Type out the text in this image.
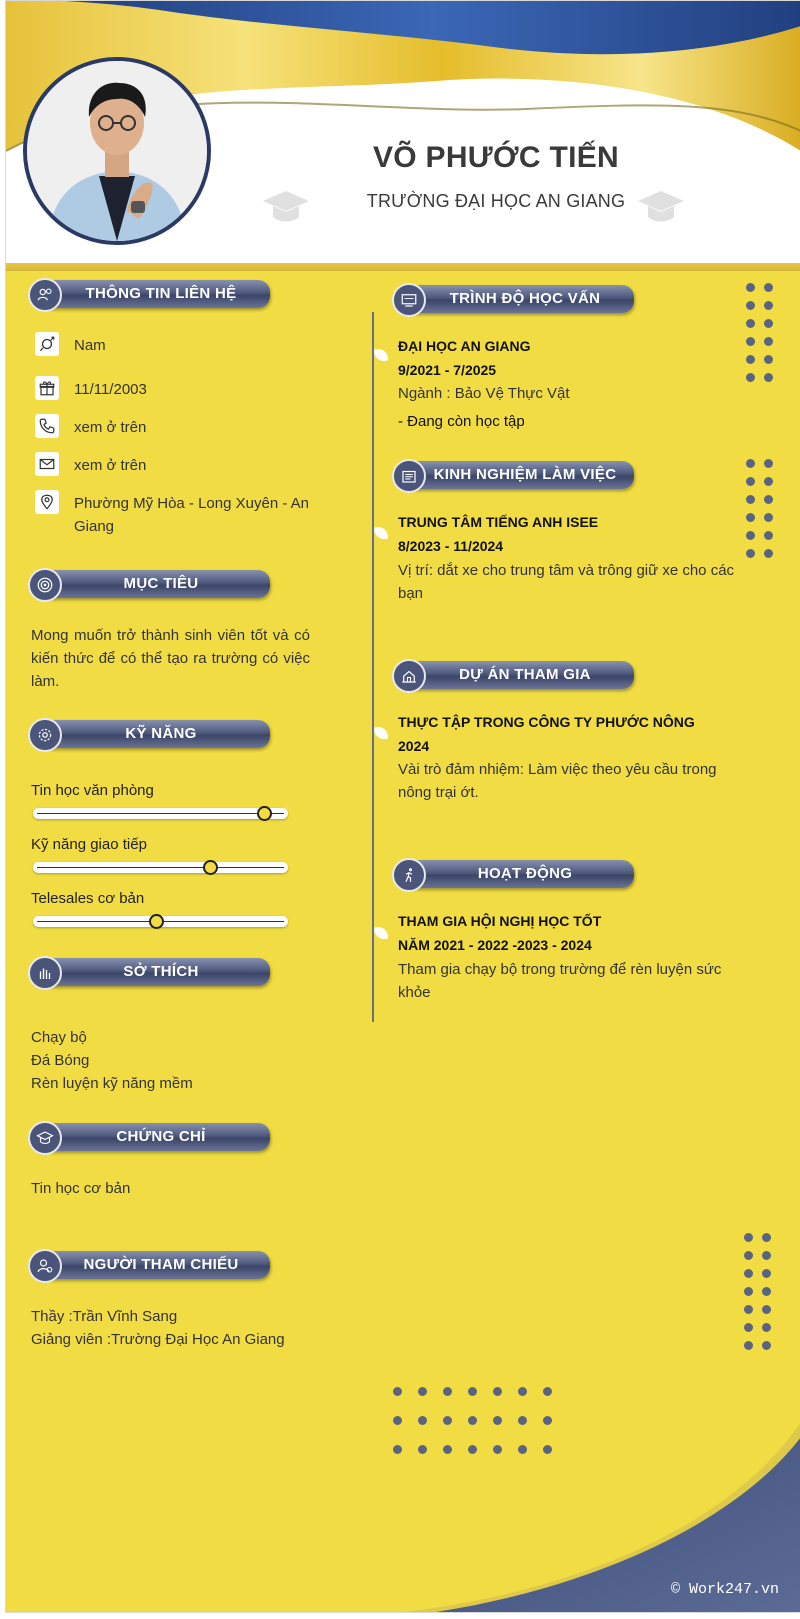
VÕ PHƯỚC TIẾN
TRƯỜNG ĐẠI HỌC AN GIANG
THÔNG TIN LIÊN HỆ
Nam
11/11/2003
xem ở trên
xem ở trên
Phường Mỹ Hòa - Long Xuyên - An Giang
MỤC TIÊU
Mong muốn trở thành sinh viên tốt và có kiến thức để có thể tạo ra trường có việc làm.
KỸ NĂNG
Tin học văn phòng
Kỹ năng giao tiếp
Telesales cơ bản
SỞ THÍCH
Chạy bộ
Đá Bóng
Rèn luyện kỹ năng mềm
CHỨNG CHỈ
Tin học cơ bản
NGƯỜI THAM CHIẾU
Thầy :Trần Vĩnh Sang
Giảng viên :Trường Đại Học An Giang
TRÌNH ĐỘ HỌC VẤN
ĐẠI HỌC AN GIANG
9/2021 - 7/2025
Ngành : Bảo Vệ Thực Vật
- Đang còn học tập
KINH NGHIỆM LÀM VIỆC
TRUNG TÂM TIẾNG ANH ISEE
8/2023 - 11/2024
Vị trí: dắt xe cho trung tâm và trông giữ xe cho các bạn
DỰ ÁN THAM GIA
THỰC TẬP TRONG CÔNG TY PHƯỚC NÔNG
2024
Vài trò đảm nhiệm: Làm việc theo yêu cầu trong nông trại ớt.
HOẠT ĐỘNG
THAM GIA HỘI NGHỊ HỌC TỐT
NĂM 2021 - 2022 -2023 - 2024
Tham gia chạy bộ trong trường để rèn luyện sức khỏe
© Work247.vn
